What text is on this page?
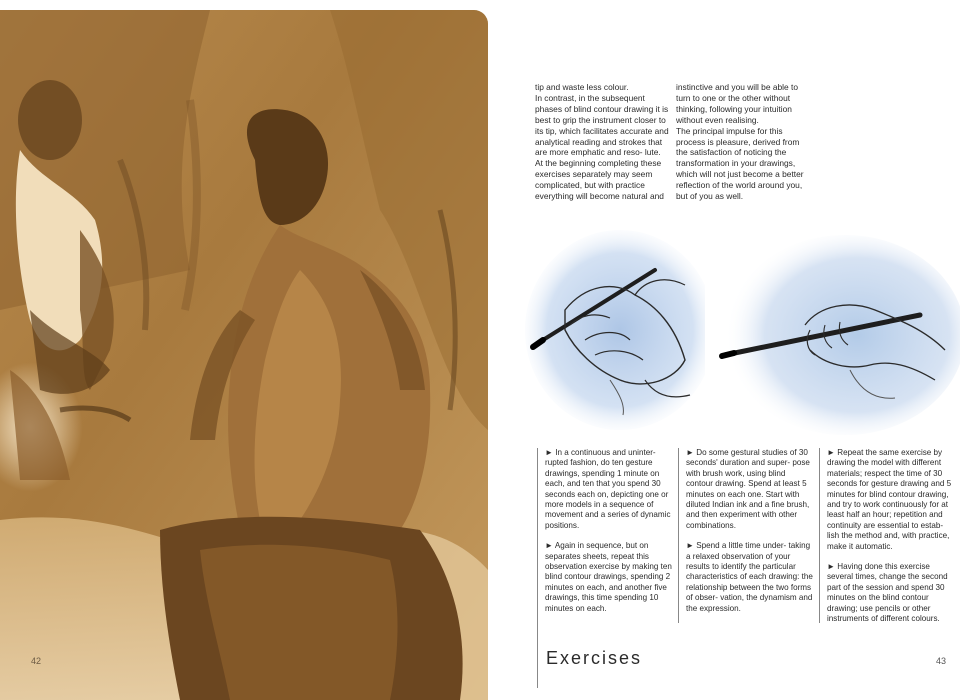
42

tip and waste less colour.

In contrast, in the subsequent phases of blind contour drawing it is best to grip the instrument closer to its tip, which facilitates accurate and analytical reading and strokes that are more emphatic and reso- lute.

At the beginning completing these exercises separately may seem complicated, but with practice everything will become natural and

instinctive and you will be able to turn to one or the other without thinking, following your intuition without even realising.

The principal impulse for this process is pleasure, derived from the satisfaction of noticing the transformation in your drawings, which will not just become a better reflection of the world around you, but of you as well.

► In a continuous and uninter- rupted fashion, do ten gesture drawings, spending 1 minute on each, and ten that you spend 30 seconds each on, depicting one or more models in a sequence of movement and a series of dynamic positions.

► Again in sequence, but on separates sheets, repeat this observation exercise by making ten blind contour drawings, spending 2 minutes on each, and another five drawings, this time spending 10 minutes on each.

► Do some gestural studies of 30 seconds' duration and super- pose with brush work, using blind contour drawing. Spend at least 5 minutes on each one. Start with diluted Indian ink and a fine brush, and then experiment with other combinations.

► Spend a little time under- taking a relaxed observation of your results to identify the particular characteristics of each drawing: the relationship between the two forms of obser- vation, the dynamism and the expression.

► Repeat the same exercise by drawing the model with different materials; respect the time of 30 seconds for gesture drawing and 5 minutes for blind contour drawing, and try to work continuously for at least half an hour; repetition and continuity are essential to estab- lish the method and, with practice, make it automatic.

► Having done this exercise several times, change the second part of the session and spend 30 minutes on the blind contour drawing; use pencils or other instruments of different colours.

Exercises	43
